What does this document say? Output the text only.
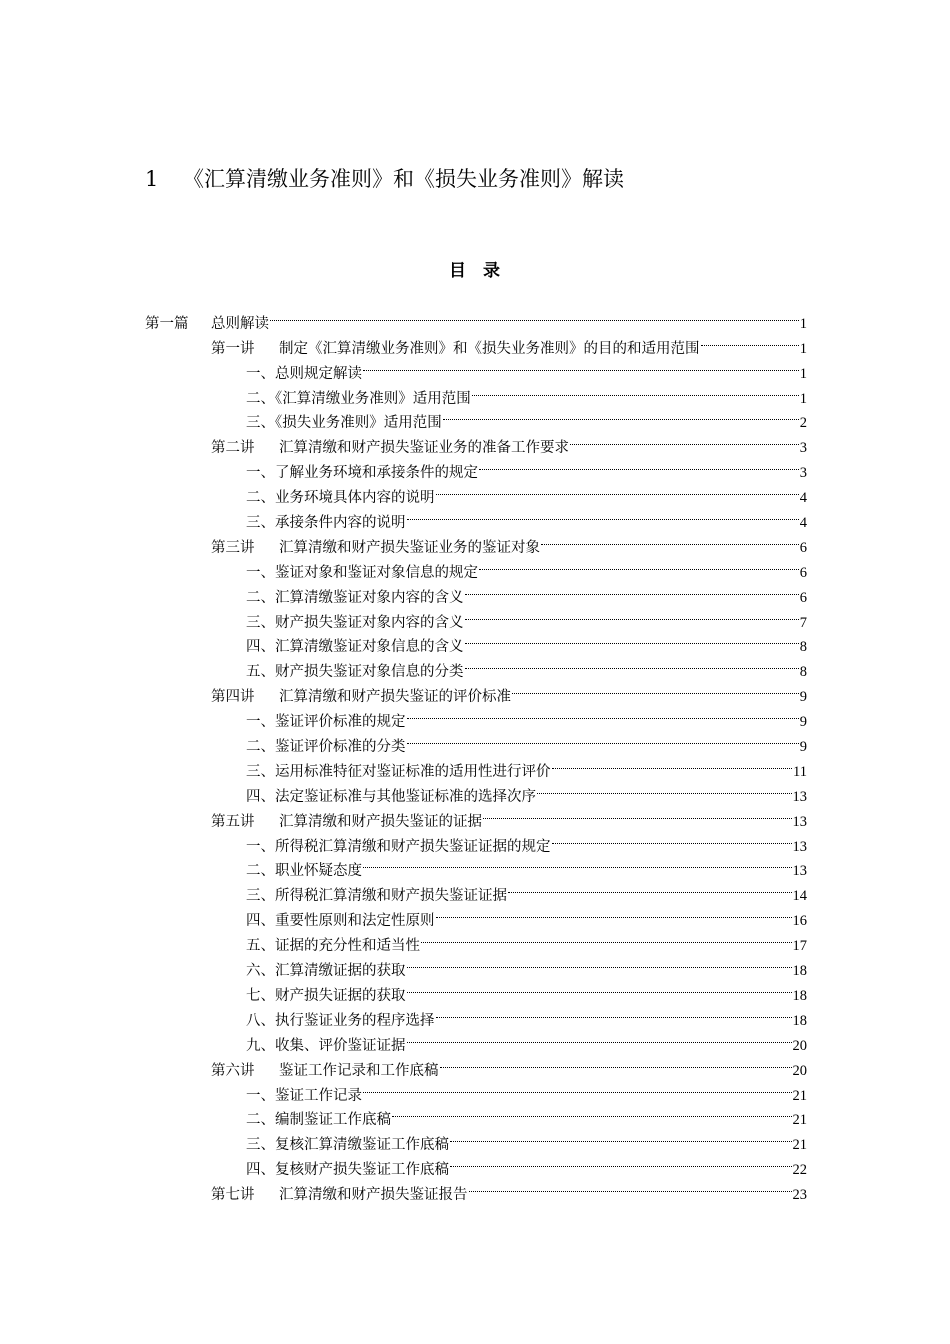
1 《汇算清缴业务准则》和《损失业务准则》解读
目 录
第一篇 总则解读	1
第一讲 制定《汇算清缴业务准则》和《损失业务准则》的目的和适用范围	1
一、总则规定解读	1
二、《汇算清缴业务准则》适用范围	1
三、《损失业务准则》适用范围	2
第二讲 汇算清缴和财产损失鉴证业务的准备工作要求	3
一、了解业务环境和承接条件的规定	3
二、业务环境具体内容的说明	4
三、承接条件内容的说明	4
第三讲 汇算清缴和财产损失鉴证业务的鉴证对象	6
一、鉴证对象和鉴证对象信息的规定	6
二、汇算清缴鉴证对象内容的含义	6
三、财产损失鉴证对象内容的含义	7
四、汇算清缴鉴证对象信息的含义	8
五、财产损失鉴证对象信息的分类	8
第四讲 汇算清缴和财产损失鉴证的评价标准	9
一、鉴证评价标准的规定	9
二、鉴证评价标准的分类	9
三、运用标准特征对鉴证标准的适用性进行评价	11
四、法定鉴证标准与其他鉴证标准的选择次序	13
第五讲 汇算清缴和财产损失鉴证的证据	13
一、所得税汇算清缴和财产损失鉴证证据的规定	13
二、职业怀疑态度	13
三、所得税汇算清缴和财产损失鉴证证据	14
四、重要性原则和法定性原则	16
五、证据的充分性和适当性	17
六、汇算清缴证据的获取	18
七、财产损失证据的获取	18
八、执行鉴证业务的程序选择	18
九、收集、评价鉴证证据	20
第六讲 鉴证工作记录和工作底稿	20
一、鉴证工作记录	21
二、编制鉴证工作底稿	21
三、复核汇算清缴鉴证工作底稿	21
四、复核财产损失鉴证工作底稿	22
第七讲 汇算清缴和财产损失鉴证报告	23
